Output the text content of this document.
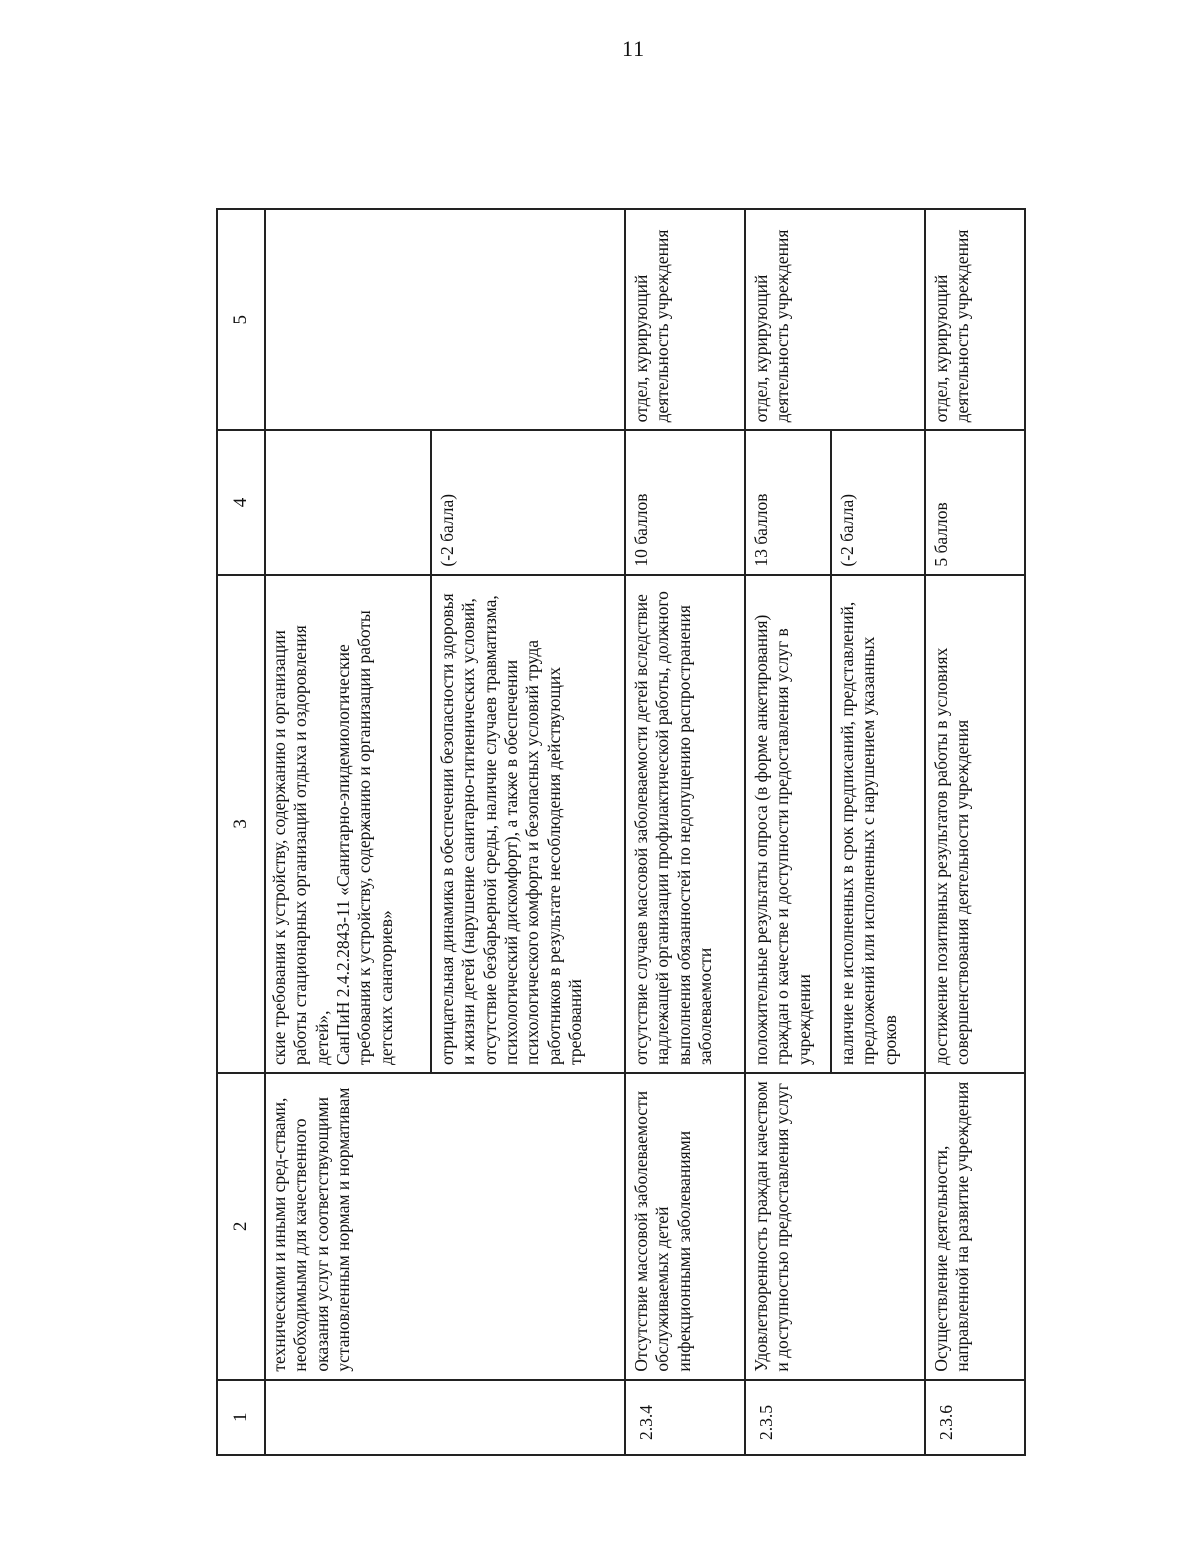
11
1	2	3	4	5
	техническими и иными сред-ствами, необходимыми для качественного оказания услуг и соответствующими установленным нормам и нормативам	ские требования к устройству, содержанию и организации работы стационарных организаций отдыха и оздоровления детей»,
СанПиН 2.4.2.2843-11 «Санитарно-эпидемиологические требования к устройству, содержанию и организации работы детских санаториев»		
		отрицательная динамика в обеспечении безопасности здоровья и жизни детей (нарушение санитарно-гигиенических условий, отсутствие безбарьерной среды, наличие случаев травматизма, психологический дискомфорт), а также в обеспечении психологического комфорта и безопасных условий труда работников в результате несоблюдения действующих требований	(-2 балла)	
2.3.4	Отсутствие массовой заболеваемости обслуживаемых детей инфекционными заболеваниями	отсутствие случаев массовой заболеваемости детей вследствие надлежащей организации профилактической работы, должного выполнения обязанностей по недопущению распространения заболеваемости	10 баллов	отдел, курирующий деятельность учреждения
2.3.5	Удовлетворенность граждан качеством и доступностью предоставления услуг	положительные результаты опроса (в форме анкетирования) граждан о качестве и доступности предоставления услуг в учреждении	13 баллов	отдел, курирующий деятельность учреждения
		наличие не исполненных в срок предписаний, представлений, предложений или исполненных с нарушением указанных сроков	(-2 балла)	
2.3.6	Осуществление деятельности, направленной на развитие учреждения	достижение позитивных результатов работы в условиях совершенствования деятельности учреждения	5 баллов	отдел, курирующий деятельность учреждения
